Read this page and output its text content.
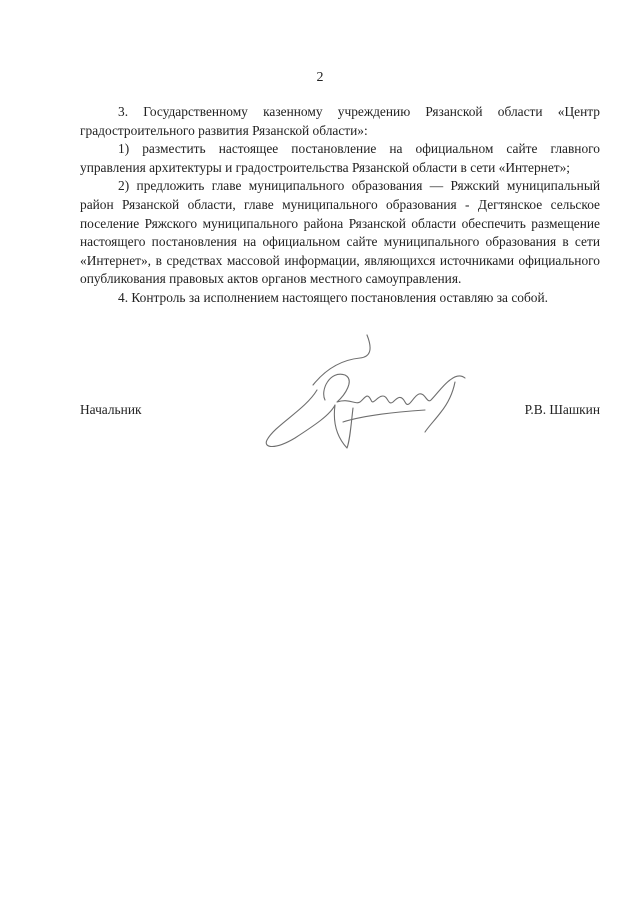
2

3. Государственному казенному учреждению Рязанской области «Центр градостроительного развития Рязанской области»:

1) разместить настоящее постановление на официальном сайте главного управления архитектуры и градостроительства Рязанской области в сети «Интернет»;

2) предложить главе муниципального образования — Ряжский муниципальный район Рязанской области, главе муниципального образования - Дегтянское сельское поселение Ряжского муниципального района Рязанской области обеспечить размещение настоящего постановления на официальном сайте муниципального образования в сети «Интернет», в средствах массовой информации, являющихся источниками официального опубликования правовых актов органов местного самоуправления.

4. Контроль за исполнением настоящего постановления оставляю за собой.

Начальник	Р.В. Шашкин
